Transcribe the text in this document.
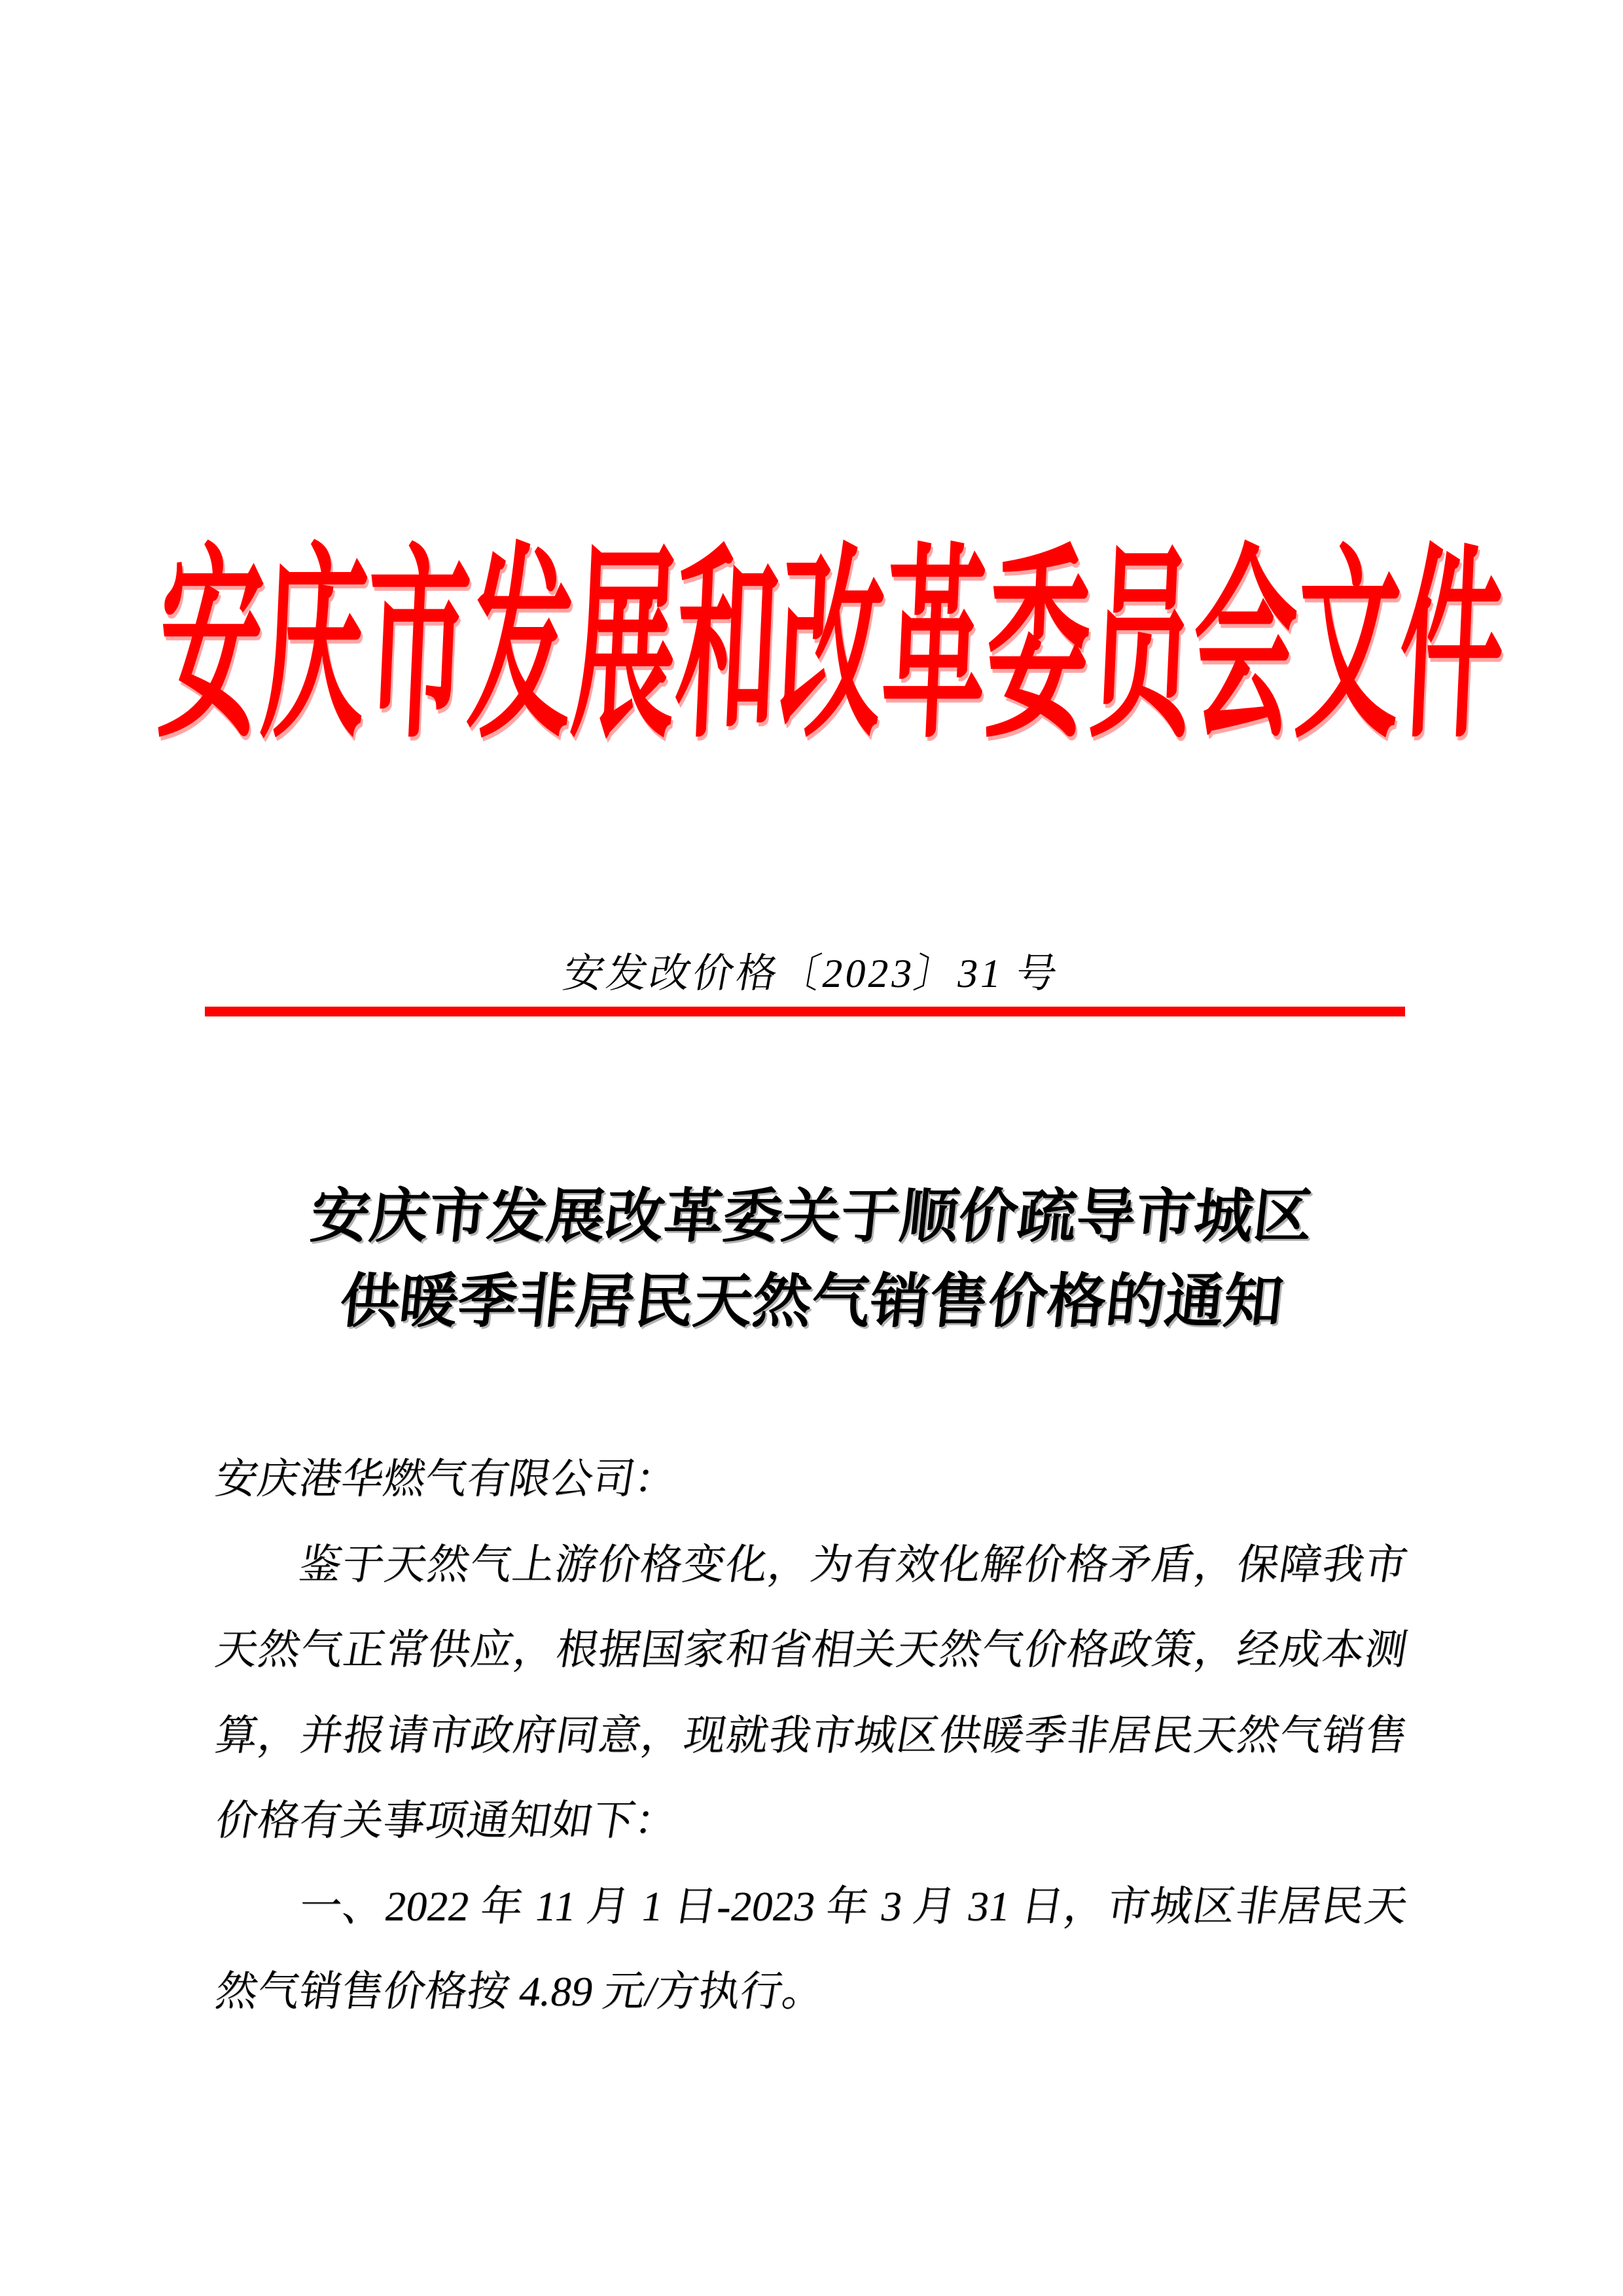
安庆市发展和改革委员会文件
安发改价格〔2023〕31 号
安庆市发展改革委关于顺价疏导市城区
供暖季非居民天然气销售价格的通知
安庆港华燃气有限公司：
鉴于天然气上游价格变化，为有效化解价格矛盾，保障我市
天然气正常供应，根据国家和省相关天然气价格政策，经成本测
算，并报请市政府同意，现就我市城区供暖季非居民天然气销售
价格有关事项通知如下：
一、2022 年 11 月 1 日-2023 年 3 月 31 日，市城区非居民天
然气销售价格按 4.89 元/方执行。
